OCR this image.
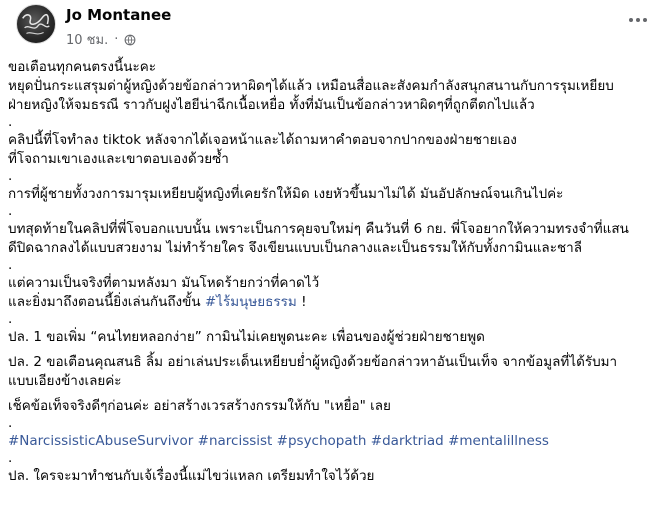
Jo Montanee
10 ชม. ·

ขอเตือนทุกคนตรงนี้นะคะ

หยุดปั่นกระแสรุมด่าผู้หญิงด้วยข้อกล่าวหาผิดๆได้แล้ว เหมือนสื่อและสังคมกำลังสนุกสนานกับการรุมเหยียบ

ฝ่ายหญิงให้จมธรณี ราวกับฝูงไฮยีน่าฉีกเนื้อเหยื่อ ทั้งที่มันเป็นข้อกล่าวหาผิดๆที่ถูกตีตกไปแล้ว

.

คลิปนี้ที่โจทำลง tiktok หลังจากได้เจอหน้าและได้ถามหาคำตอบจากปากของฝ่ายชายเอง

ที่โจถามเขาเองและเขาตอบเองด้วยซ้ำ

.

การที่ผู้ชายทั้งวงการมารุมเหยียบผู้หญิงที่เคยรักให้มิด เงยหัวขึ้นมาไม่ได้ มันอัปลักษณ์จนเกินไปค่ะ

.

บทสุดท้ายในคลิปที่พี่โจบอกแบบนั้น เพราะเป็นการคุยจบใหม่ๆ คืนวันที่ 6 กย. พี่โจอยากให้ความทรงจำที่แสน

ดีปิดฉากลงได้แบบสวยงาม ไม่ทำร้ายใคร จึงเขียนแบบเป็นกลางและเป็นธรรมให้กับทั้งกามินและชาลี

.

แต่ความเป็นจริงที่ตามหลังมา มันโหดร้ายกว่าที่คาดไว้

และยิ่งมาถึงตอนนี้ยิ่งเล่นกันถึงขั้น #ไร้มนุษยธรรม !

.

ปล. 1 ขอเพิ่ม “คนไทยหลอกง่าย” กามินไม่เคยพูดนะคะ เพื่อนของผู้ช่วยฝ่ายชายพูด

ปล. 2 ขอเตือนคุณสนธิ ลิ้ม อย่าเล่นประเด็นเหยียบย่ำผู้หญิงด้วยข้อกล่าวหาอันเป็นเท็จ จากข้อมูลที่ได้รับมา

แบบเอียงข้างเลยค่ะ

เช็คข้อเท็จจริงดีๆก่อนค่ะ อย่าสร้างเวรสร้างกรรมให้กับ "เหยื่อ" เลย

.

#NarcissisticAbuseSurvivor #narcissist #psychopath #darktriad #mentalillness

.

ปล. ใครจะมาทำชนกับเจ้เรื่องนี้แม่ไขว่แหลก เตรียมทำใจไว้ด้วย
